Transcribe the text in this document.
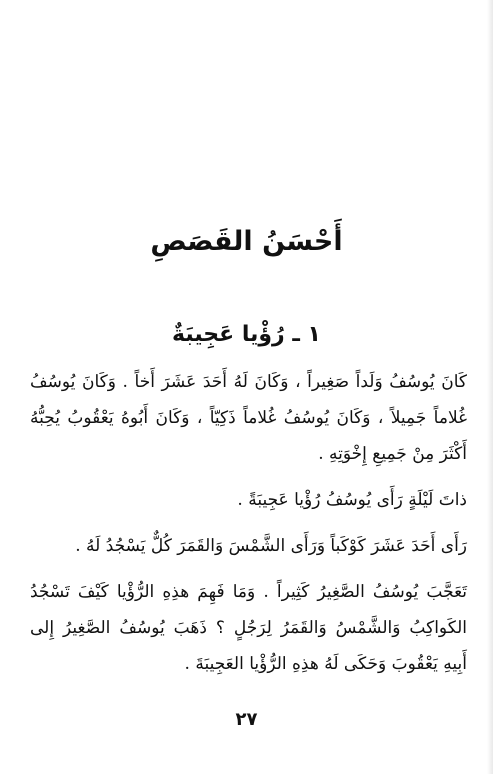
أَحْسَنُ القَصَصِ
١ ـ رُؤْيا عَجِيبَةٌ

كَانَ يُوسُفُ وَلَداً صَغِيراً ، وَكَانَ لَهُ أَحَدَ عَشَرَ أَخاً . وَكَانَ يُوسُفُ غُلاماً جَمِيلاً ، وَكَانَ يُوسُفُ غُلاماً ذَكِيّاً ، وَكَانَ أَبُوهُ يَعْقُوبُ يُحِبُّهُ أَكْثَرَ مِنْ جَمِيعِ إِخْوَتِهِ .

ذاتَ لَيْلَةٍ رَأَى يُوسُفُ رُؤْيا عَجِيبَةً .

رَأَى أَحَدَ عَشَرَ كَوْكَباً وَرَأَى الشَّمْسَ وَالقَمَرَ كُلٌّ يَسْجُدُ لَهُ .

تَعَجَّبَ يُوسُفُ الصَّغِيرُ كَثِيراً . وَمَا فَهِمَ هذِهِ الرُّؤْيا كَيْفَ تَسْجُدُ الكَواكِبُ وَالشَّمْسُ وَالقَمَرُ لِرَجُلٍ ؟ ذَهَبَ يُوسُفُ الصَّغِيرُ إِلى أَبِيهِ يَعْقُوبَ وَحَكَى لَهُ هذِهِ الرُّؤْيا العَجِيبَةَ .

٢٧
